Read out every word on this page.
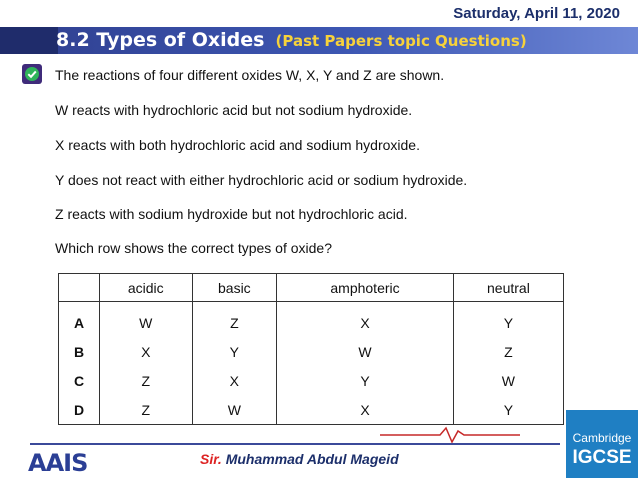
Saturday, April 11, 2020
8.2 Types of Oxides (Past Papers topic Questions)
The reactions of four different oxides W, X, Y and Z are shown.
W reacts with hydrochloric acid but not sodium hydroxide.
X reacts with both hydrochloric acid and sodium hydroxide.
Y does not react with either hydrochloric acid or sodium hydroxide.
Z reacts with sodium hydroxide but not hydrochloric acid.
Which row shows the correct types of oxide?
	acidic	basic	amphoteric	neutral
A	W	Z	X	Y
B	X	Y	W	Z
C	Z	X	Y	W
D	Z	W	X	Y
AAIS	Sir. Muhammad Abdul Mageid
Cambridge
IGCSE
